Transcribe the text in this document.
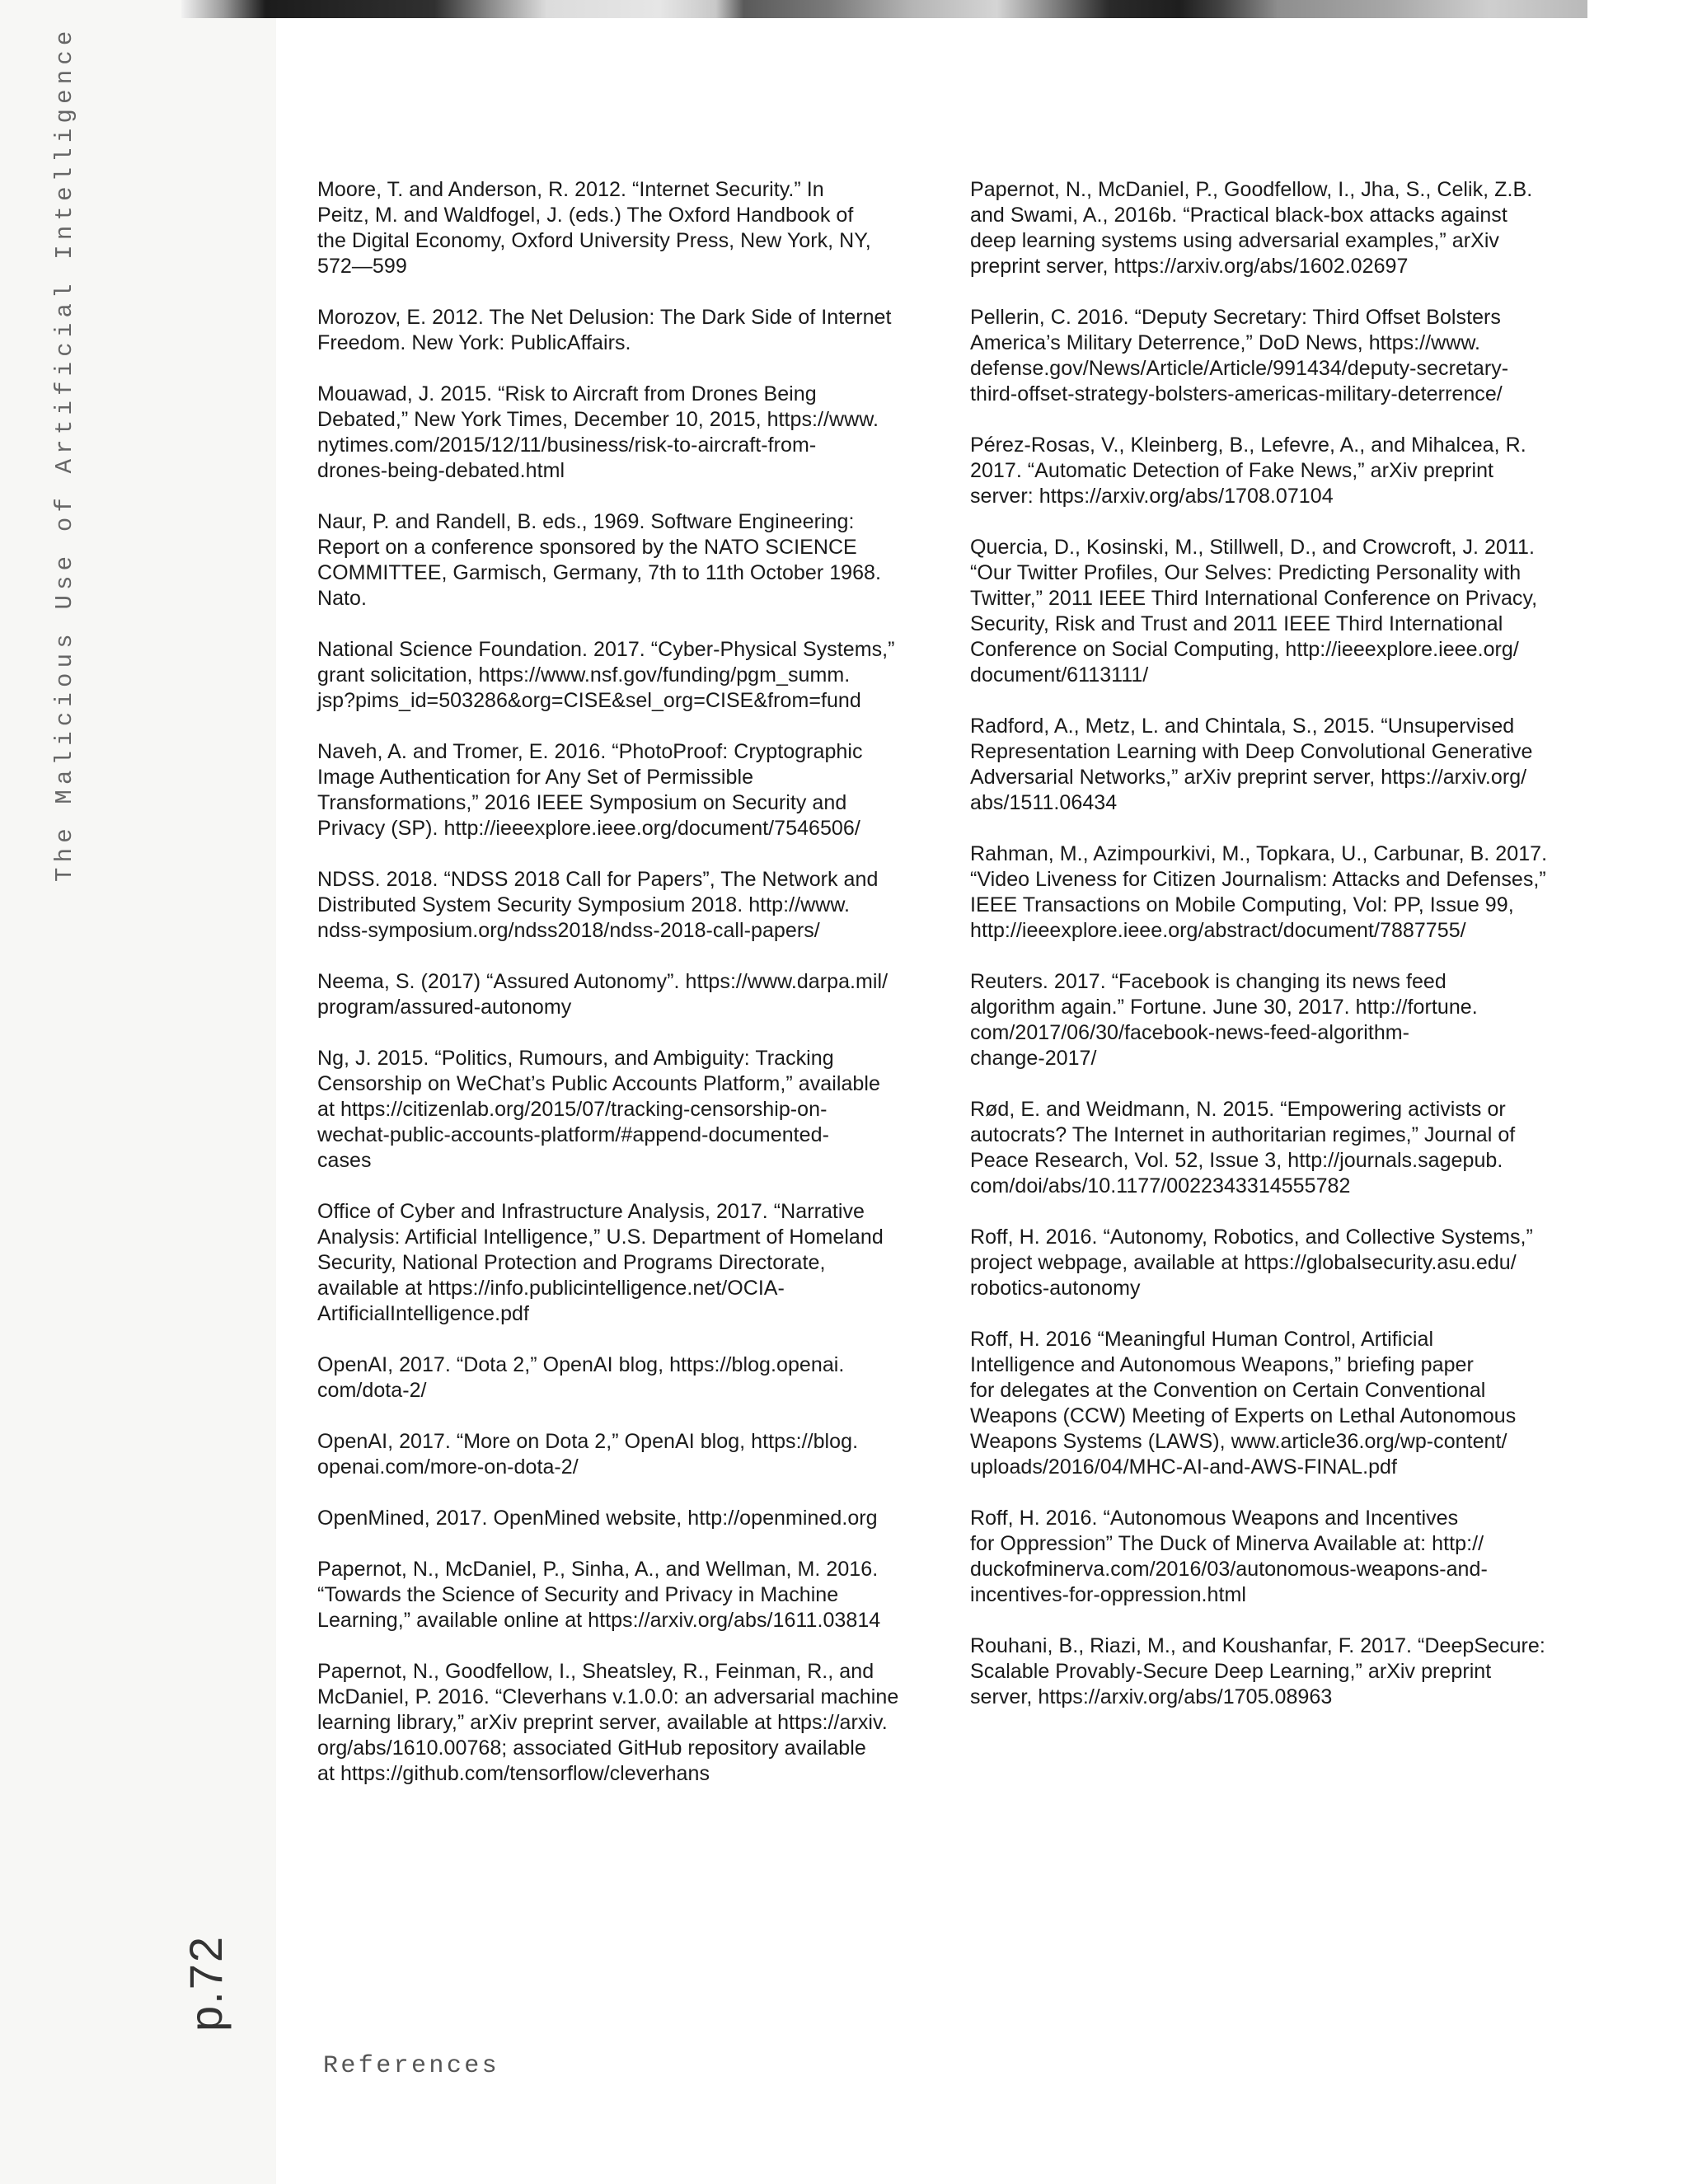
The Malicious Use of Artificial Intelligence
p.72
References

Moore, T. and Anderson, R. 2012. “Internet Security.” In
Peitz, M. and Waldfogel, J. (eds.) The Oxford Handbook of
the Digital Economy, Oxford University Press, New York, NY,
572—599

Morozov, E. 2012. The Net Delusion: The Dark Side of Internet
Freedom. New York: PublicAffairs.

Mouawad, J. 2015. “Risk to Aircraft from Drones Being
Debated,” New York Times, December 10, 2015, https://www.
nytimes.com/2015/12/11/business/risk-to-aircraft-from-
drones-being-debated.html

Naur, P. and Randell, B. eds., 1969. Software Engineering:
Report on a conference sponsored by the NATO SCIENCE
COMMITTEE, Garmisch, Germany, 7th to 11th October 1968.
Nato.

National Science Foundation. 2017. “Cyber-Physical Systems,”
grant solicitation, https://www.nsf.gov/funding/pgm_summ.
jsp?pims_id=503286&org=CISE&sel_org=CISE&from=fund

Naveh, A. and Tromer, E. 2016. “PhotoProof: Cryptographic
Image Authentication for Any Set of Permissible
Transformations,” 2016 IEEE Symposium on Security and
Privacy (SP). http://ieeexplore.ieee.org/document/7546506/

NDSS. 2018. “NDSS 2018 Call for Papers”, The Network and
Distributed System Security Symposium 2018. http://www.
ndss-symposium.org/ndss2018/ndss-2018-call-papers/

Neema, S. (2017) “Assured Autonomy”. https://www.darpa.mil/
program/assured-autonomy

Ng, J. 2015. “Politics, Rumours, and Ambiguity: Tracking
Censorship on WeChat’s Public Accounts Platform,” available
at https://citizenlab.org/2015/07/tracking-censorship-on-
wechat-public-accounts-platform/#append-documented-
cases

Office of Cyber and Infrastructure Analysis, 2017. “Narrative
Analysis: Artificial Intelligence,” U.S. Department of Homeland
Security, National Protection and Programs Directorate,
available at https://info.publicintelligence.net/OCIA-
ArtificialIntelligence.pdf

OpenAI, 2017. “Dota 2,” OpenAI blog, https://blog.openai.
com/dota-2/

OpenAI, 2017. “More on Dota 2,” OpenAI blog, https://blog.
openai.com/more-on-dota-2/

OpenMined, 2017. OpenMined website, http://openmined.org

Papernot, N., McDaniel, P., Sinha, A., and Wellman, M. 2016.
“Towards the Science of Security and Privacy in Machine
Learning,” available online at https://arxiv.org/abs/1611.03814

Papernot, N., Goodfellow, I., Sheatsley, R., Feinman, R., and
McDaniel, P. 2016. “Cleverhans v.1.0.0: an adversarial machine
learning library,” arXiv preprint server, available at https://arxiv.
org/abs/1610.00768; associated GitHub repository available
at https://github.com/tensorflow/cleverhans

Papernot, N., McDaniel, P., Goodfellow, I., Jha, S., Celik, Z.B.
and Swami, A., 2016b. “Practical black-box attacks against
deep learning systems using adversarial examples,” arXiv
preprint server, https://arxiv.org/abs/1602.02697

Pellerin, C. 2016. “Deputy Secretary: Third Offset Bolsters
America’s Military Deterrence,” DoD News, https://www.
defense.gov/News/Article/Article/991434/deputy-secretary-
third-offset-strategy-bolsters-americas-military-deterrence/

Pérez-Rosas, V., Kleinberg, B., Lefevre, A., and Mihalcea, R.
2017. “Automatic Detection of Fake News,” arXiv preprint
server: https://arxiv.org/abs/1708.07104

Quercia, D., Kosinski, M., Stillwell, D., and Crowcroft, J. 2011.
“Our Twitter Profiles, Our Selves: Predicting Personality with
Twitter,” 2011 IEEE Third International Conference on Privacy,
Security, Risk and Trust and 2011 IEEE Third International
Conference on Social Computing, http://ieeexplore.ieee.org/
document/6113111/

Radford, A., Metz, L. and Chintala, S., 2015. “Unsupervised
Representation Learning with Deep Convolutional Generative
Adversarial Networks,” arXiv preprint server, https://arxiv.org/
abs/1511.06434

Rahman, M., Azimpourkivi, M., Topkara, U., Carbunar, B. 2017.
“Video Liveness for Citizen Journalism: Attacks and Defenses,”
IEEE Transactions on Mobile Computing, Vol: PP, Issue 99,
http://ieeexplore.ieee.org/abstract/document/7887755/

Reuters. 2017. “Facebook is changing its news feed
algorithm again.” Fortune. June 30, 2017. http://fortune.
com/2017/06/30/facebook-news-feed-algorithm-
change-2017/

Rød, E. and Weidmann, N. 2015. “Empowering activists or
autocrats? The Internet in authoritarian regimes,” Journal of
Peace Research, Vol. 52, Issue 3, http://journals.sagepub.
com/doi/abs/10.1177/0022343314555782

Roff, H. 2016. “Autonomy, Robotics, and Collective Systems,”
project webpage, available at https://globalsecurity.asu.edu/
robotics-autonomy

Roff, H. 2016 “Meaningful Human Control, Artificial
Intelligence and Autonomous Weapons,” briefing paper
for delegates at the Convention on Certain Conventional
Weapons (CCW) Meeting of Experts on Lethal Autonomous
Weapons Systems (LAWS), www.article36.org/wp-content/
uploads/2016/04/MHC-AI-and-AWS-FINAL.pdf

Roff, H. 2016. “Autonomous Weapons and Incentives
for Oppression” The Duck of Minerva Available at: http://
duckofminerva.com/2016/03/autonomous-weapons-and-
incentives-for-oppression.html

Rouhani, B., Riazi, M., and Koushanfar, F. 2017. “DeepSecure:
Scalable Provably-Secure Deep Learning,” arXiv preprint
server, https://arxiv.org/abs/1705.08963
